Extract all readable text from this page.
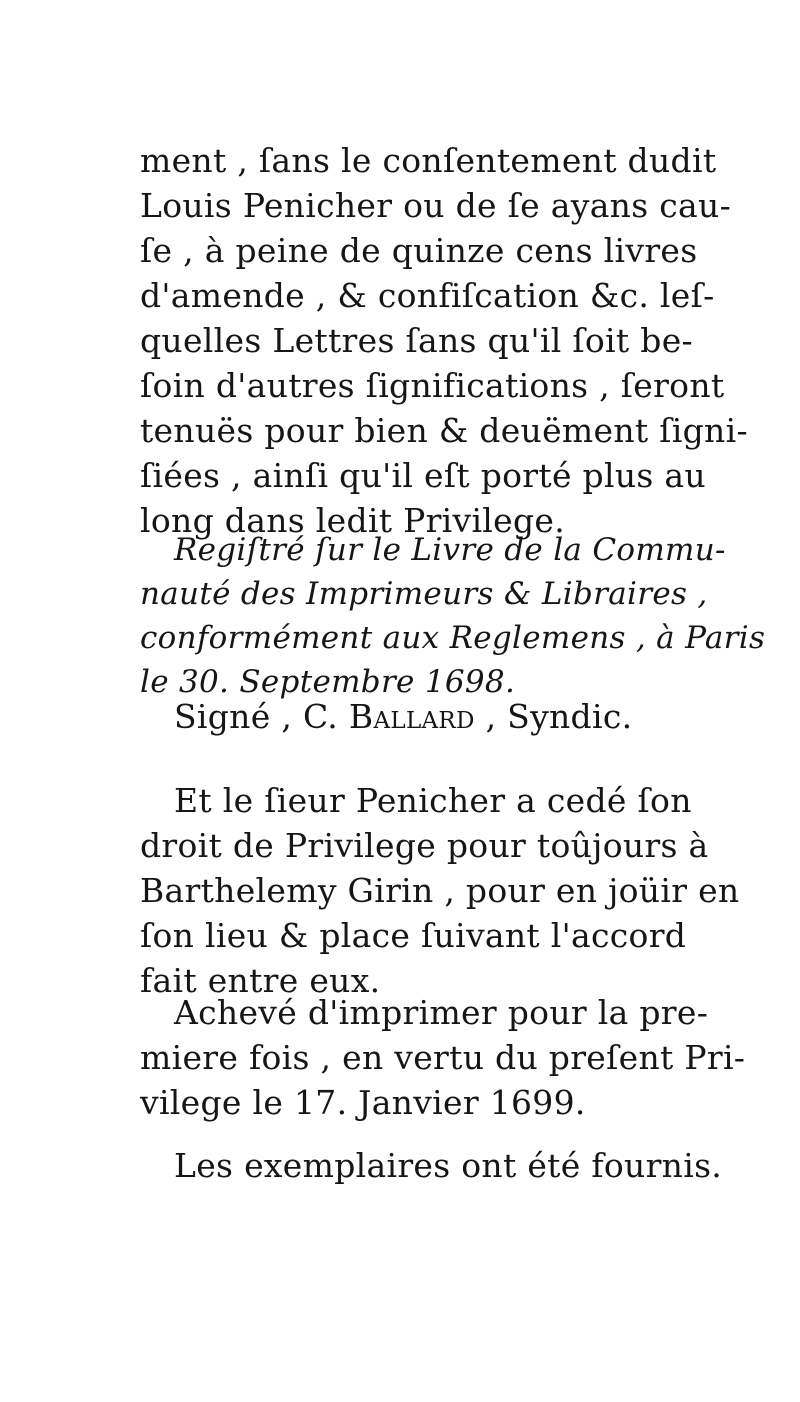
ment , ſans le conſentement dudit
Louis Penicher ou de ſe ayans cau-
ſe , à peine de quinze cens livres
d'amende , & confiſcation &c. leſ-
quelles Lettres ſans qu'il ſoit be-
ſoin d'autres ſignifications , ſeront
tenuës pour bien & deuëment ſigni-
ſiées , ainſi qu'il eſt porté plus au
long dans ledit Privilege.
Regiſtré ſur le Livre de la Commu-
nauté des Imprimeurs & Libraires ,
conformément aux Reglemens , à Paris
le 30. Septembre 1698.
Signé , C. Ballard , Syndic.
Et le ſieur Penicher a cedé ſon
droit de Privilege pour toûjours à
Barthelemy Girin , pour en joüir en
ſon lieu & place ſuivant l'accord
fait entre eux.
Achevé d'imprimer pour la pre-
miere fois , en vertu du preſent Pri-
vilege le 17. Janvier 1699.
Les exemplaires ont été fournis.
